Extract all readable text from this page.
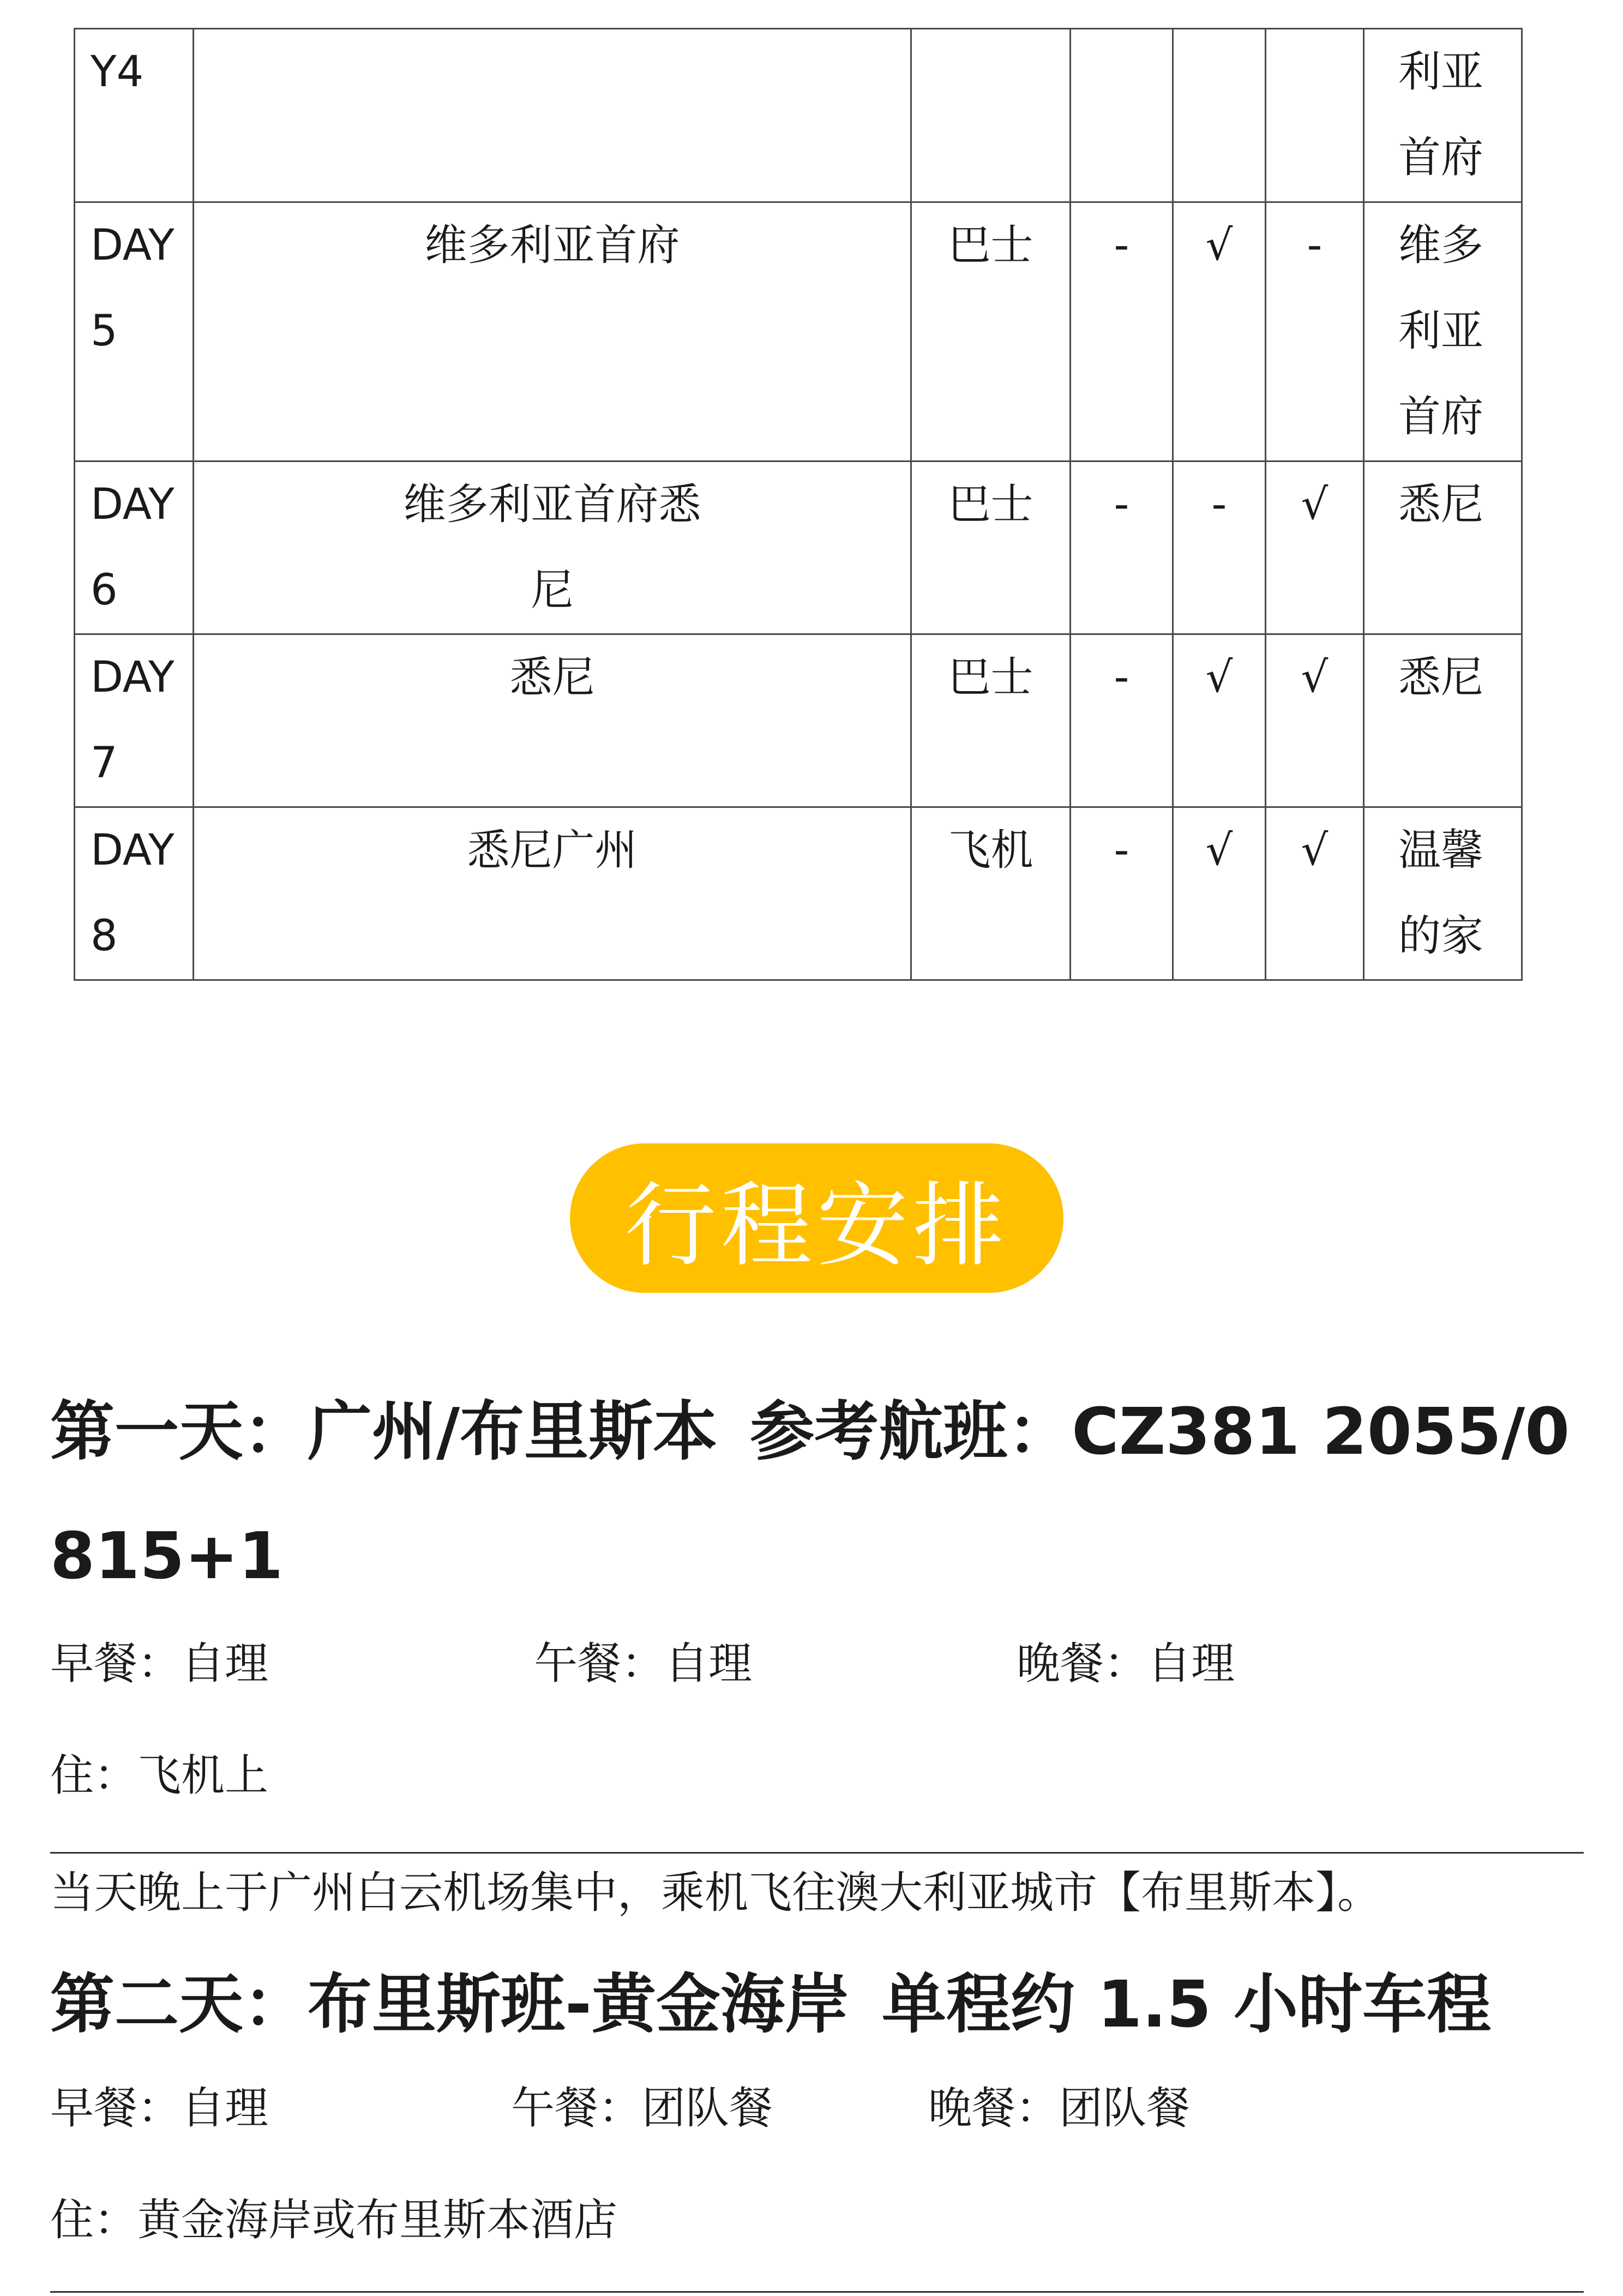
Y4						利亚首府
DAY5	维多利亚首府	巴士	-	√	-	维多利亚首府
DAY6	维多利亚首府悉尼	巴士	-	-	√	悉尼
DAY7	悉尼	巴士	-	√	√	悉尼
DAY8	悉尼广州	飞机	-	√	√	温馨的家
行程安排
第一天：广州/布里斯本 参考航班：CZ381 2055/0815+1
早餐：自理	午餐：自理	晚餐：自理
住：飞机上
当天晚上于广州白云机场集中，乘机飞往澳大利亚城市【布里斯本】。
第二天：布里斯班-黄金海岸 单程约 1.5 小时车程
早餐：自理	午餐：团队餐	晚餐：团队餐
住：黄金海岸或布里斯本酒店
